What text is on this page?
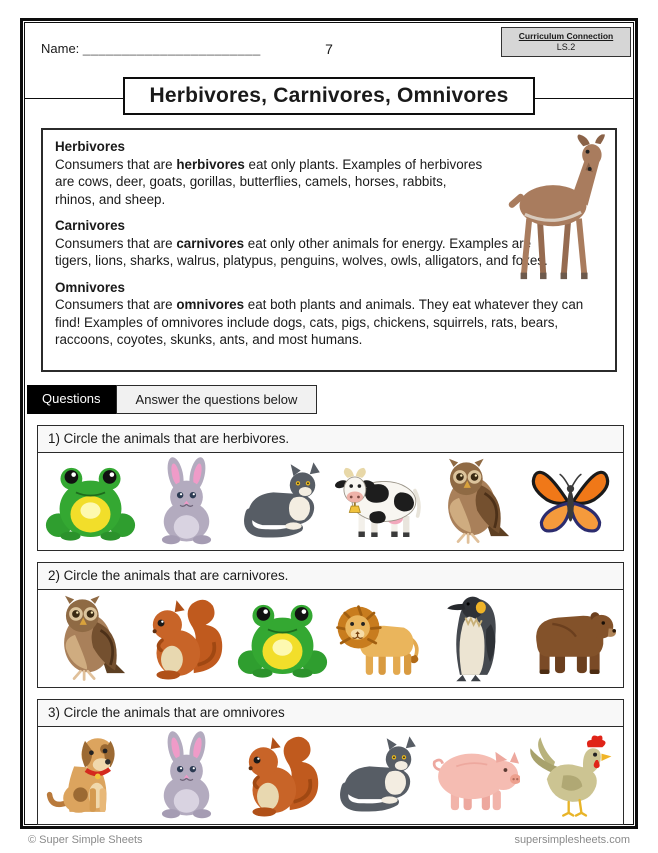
Name: _______________________	7
Curriculum Connection
LS.2
Herbivores, Carnivores, Omnivores
Herbivores
Consumers that are herbivores eat only plants. Examples of herbivores are cows, deer, goats, gorillas, butterflies, camels, horses, rabbits, rhinos, and sheep.
Carnivores
Consumers that are carnivores eat only other animals for energy. Examples are tigers, lions, sharks, walrus, platypus, penguins, wolves, owls, alligators, and foxes.
Omnivores
Consumers that are omnivores eat both plants and animals. They eat whatever they can find! Examples of omnivores include dogs, cats, pigs, chickens, squirrels, rats, bears, raccoons, coyotes, skunks, ants, and most humans.
Questions	Answer the questions below
1) Circle the animals that are herbivores.
2) Circle the animals that are carnivores.
3) Circle the animals that are omnivores
© Super Simple Sheets	supersimplesheets.com
